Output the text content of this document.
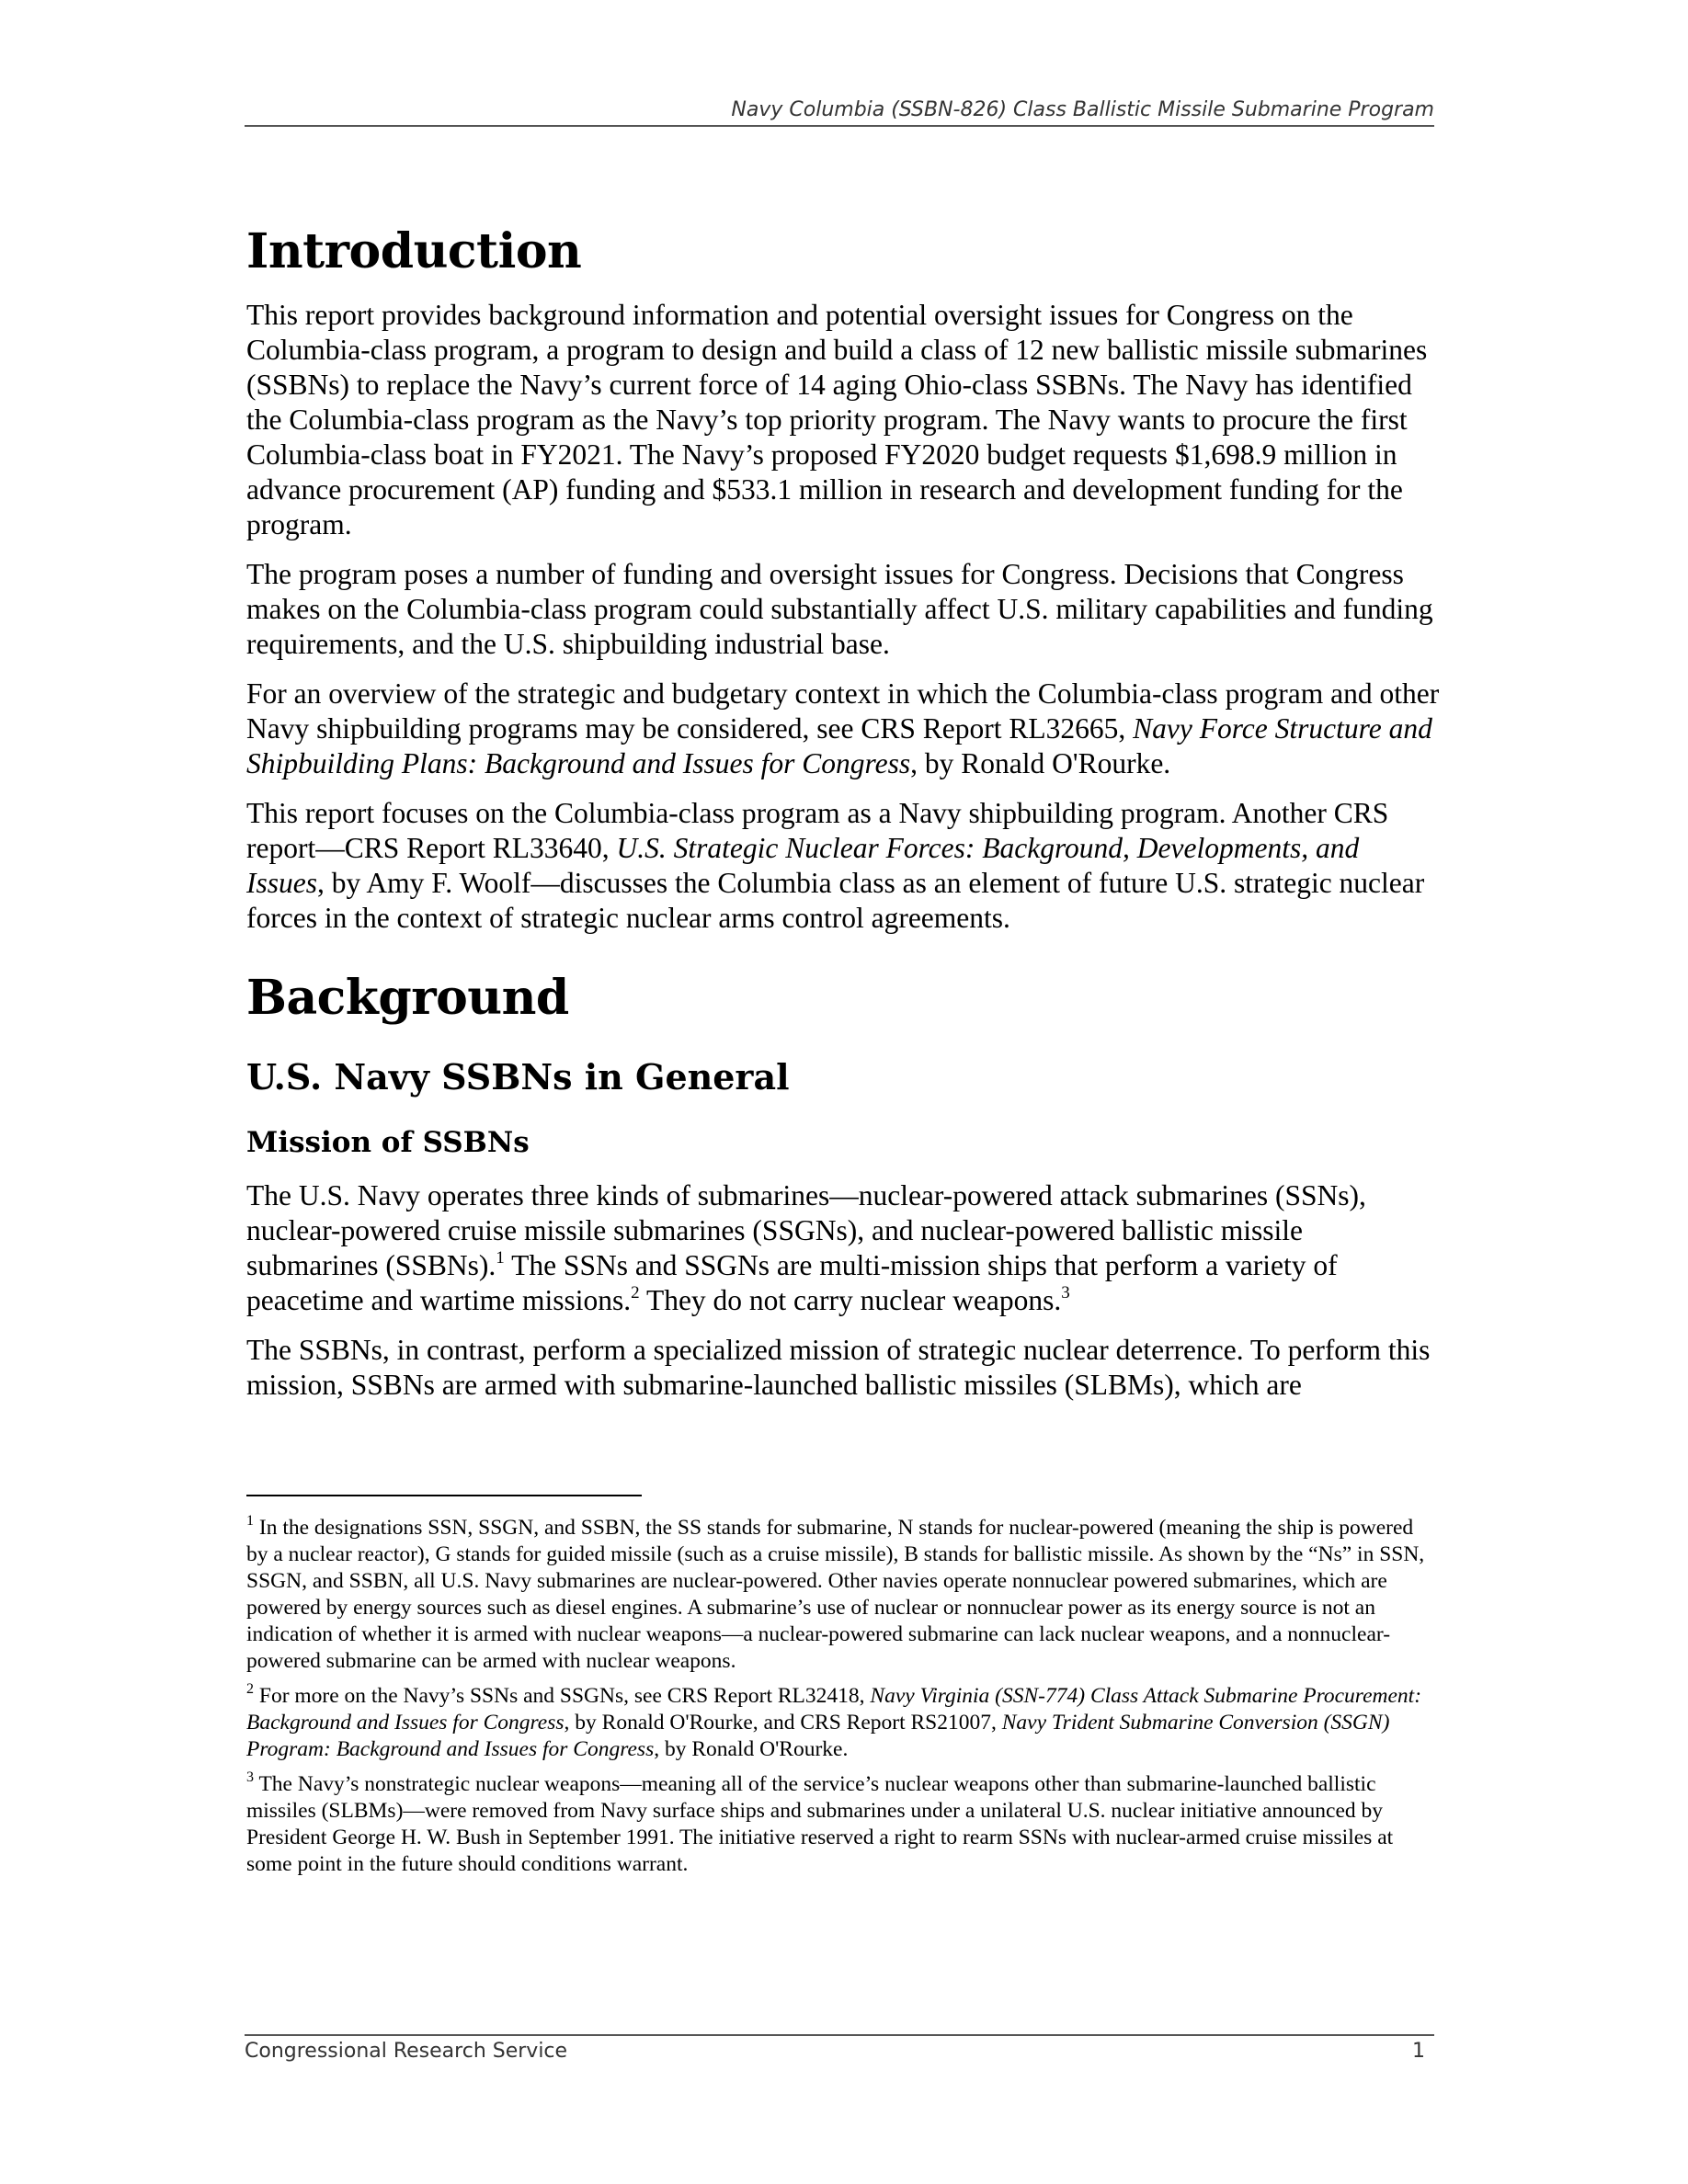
Navy Columbia (SSBN-826) Class Ballistic Missile Submarine Program
Introduction

This report provides background information and potential oversight issues for Congress on the Columbia-class program, a program to design and build a class of 12 new ballistic missile submarines (SSBNs) to replace the Navy’s current force of 14 aging Ohio-class SSBNs. The Navy has identified the Columbia-class program as the Navy’s top priority program. The Navy wants to procure the first Columbia-class boat in FY2021. The Navy’s proposed FY2020 budget requests $1,698.9 million in advance procurement (AP) funding and $533.1 million in research and development funding for the program.

The program poses a number of funding and oversight issues for Congress. Decisions that Congress makes on the Columbia-class program could substantially affect U.S. military capabilities and funding requirements, and the U.S. shipbuilding industrial base.

For an overview of the strategic and budgetary context in which the Columbia-class program and other Navy shipbuilding programs may be considered, see CRS Report RL32665, Navy Force Structure and Shipbuilding Plans: Background and Issues for Congress, by Ronald O'Rourke.

This report focuses on the Columbia-class program as a Navy shipbuilding program. Another CRS report—CRS Report RL33640, U.S. Strategic Nuclear Forces: Background, Developments, and Issues, by Amy F. Woolf—discusses the Columbia class as an element of future U.S. strategic nuclear forces in the context of strategic nuclear arms control agreements.

Background
U.S. Navy SSBNs in General
Mission of SSBNs

The U.S. Navy operates three kinds of submarines—nuclear-powered attack submarines (SSNs), nuclear-powered cruise missile submarines (SSGNs), and nuclear-powered ballistic missile submarines (SSBNs).$^1$ The SSNs and SSGNs are multi-mission ships that perform a variety of peacetime and wartime missions.$^2$ They do not carry nuclear weapons.$^3$

The SSBNs, in contrast, perform a specialized mission of strategic nuclear deterrence. To perform this mission, SSBNs are armed with submarine-launched ballistic missiles (SLBMs), which are

$^1$ In the designations SSN, SSGN, and SSBN, the SS stands for submarine, N stands for nuclear-powered (meaning the ship is powered by a nuclear reactor), G stands for guided missile (such as a cruise missile), B stands for ballistic missile. As shown by the “Ns” in SSN, SSGN, and SSBN, all U.S. Navy submarines are nuclear-powered. Other navies operate nonnuclear powered submarines, which are powered by energy sources such as diesel engines. A submarine’s use of nuclear or nonnuclear power as its energy source is not an indication of whether it is armed with nuclear weapons—a nuclear-powered submarine can lack nuclear weapons, and a nonnuclear-powered submarine can be armed with nuclear weapons.

$^2$ For more on the Navy’s SSNs and SSGNs, see CRS Report RL32418, Navy Virginia (SSN-774) Class Attack Submarine Procurement: Background and Issues for Congress, by Ronald O'Rourke, and CRS Report RS21007, Navy Trident Submarine Conversion (SSGN) Program: Background and Issues for Congress, by Ronald O'Rourke.

$^3$ The Navy’s nonstrategic nuclear weapons—meaning all of the service’s nuclear weapons other than submarine-launched ballistic missiles (SLBMs)—were removed from Navy surface ships and submarines under a unilateral U.S. nuclear initiative announced by President George H. W. Bush in September 1991. The initiative reserved a right to rearm SSNs with nuclear-armed cruise missiles at some point in the future should conditions warrant.

Congressional Research Service	1
